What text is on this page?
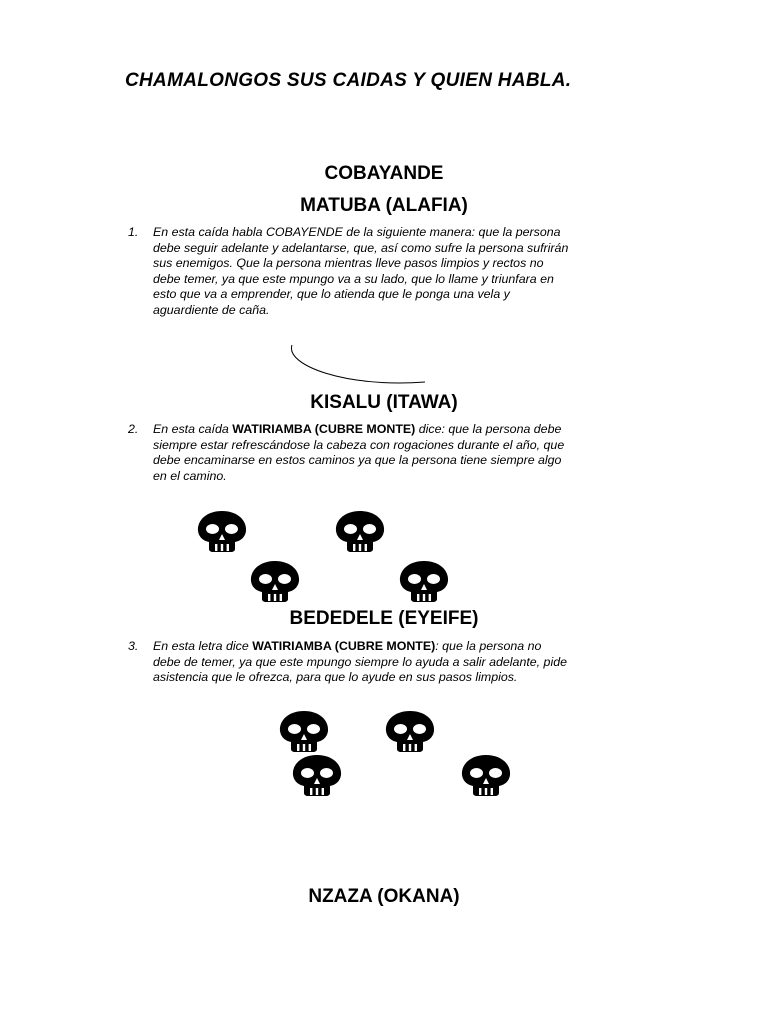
CHAMALONGOS SUS CAIDAS Y QUIEN HABLA.
COBAYANDE
MATUBA (ALAFIA)
1. En esta caída habla COBAYENDE de la siguiente manera: que la persona
debe seguir adelante y adelantarse, que, así como sufre la persona sufrirán
sus enemigos. Que la persona mientras lleve pasos limpios y rectos no
debe temer, ya que este mpungo va a su lado, que lo llame y triunfara en
esto que va a emprender, que lo atienda que le ponga una vela y
aguardiente de caña.
KISALU (ITAWA)
2. En esta caída WATIRIAMBA (CUBRE MONTE) dice: que la persona debe
siempre estar refrescándose la cabeza con rogaciones durante el año, que
debe encaminarse en estos caminos ya que la persona tiene siempre algo
en el camino.
BEDEDELE (EYEIFE)
3. En esta letra dice WATIRIAMBA (CUBRE MONTE): que la persona no
debe de temer, ya que este mpungo siempre lo ayuda a salir adelante, pide
asistencia que le ofrezca, para que lo ayude en sus pasos limpios.
NZAZA (OKANA)
